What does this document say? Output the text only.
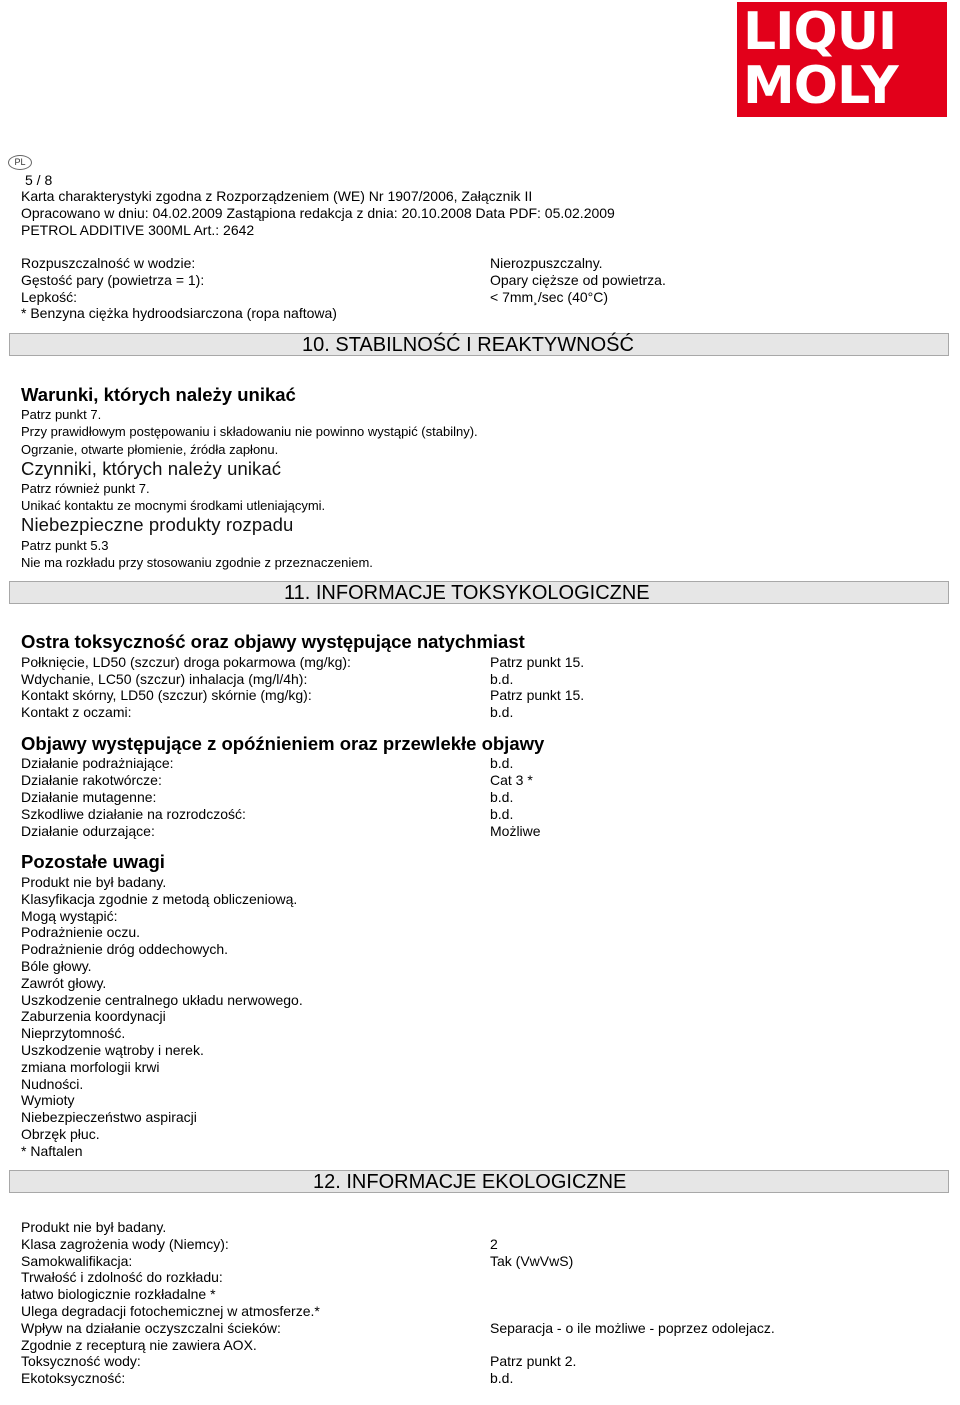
LIQUI
MOLY
PL
5 / 8
Karta charakterystyki zgodna z Rozporządzeniem (WE) Nr 1907/2006, Załącznik II
Opracowano w dniu: 04.02.2009 Zastąpiona redakcja z dnia: 20.10.2008 Data PDF: 05.02.2009
PETROL ADDITIVE 300ML Art.: 2642
Rozpuszczalność w wodzie:	Nierozpuszczalny.
Gęstość pary (powietrza = 1):	Opary cięższe od powietrza.
Lepkość:	< 7mm¸/sec (40°C)
* Benzyna ciężka hydroodsiarczona (ropa naftowa)
10. STABILNOŚĆ I REAKTYWNOŚĆ
Warunki, których należy unikać
Patrz punkt 7.
Przy prawidłowym postępowaniu i składowaniu nie powinno wystąpić (stabilny).
Ogrzanie, otwarte płomienie, źródła zapłonu.
Czynniki, których należy unikać
Patrz również punkt 7.
Unikać kontaktu ze mocnymi środkami utleniającymi.
Niebezpieczne produkty rozpadu
Patrz punkt 5.3
Nie ma rozkładu przy stosowaniu zgodnie z przeznaczeniem.
11. INFORMACJE TOKSYKOLOGICZNE
Ostra toksyczność oraz objawy występujące natychmiast
Połknięcie, LD50 (szczur) droga pokarmowa (mg/kg):	Patrz punkt 15.
Wdychanie, LC50 (szczur) inhalacja (mg/l/4h):	b.d.
Kontakt skórny, LD50 (szczur) skórnie (mg/kg):	Patrz punkt 15.
Kontakt z oczami:	b.d.
Objawy występujące z opóźnieniem oraz przewlekłe objawy
Działanie podrażniające:	b.d.
Działanie rakotwórcze:	Cat 3 *
Działanie mutagenne:	b.d.
Szkodliwe działanie na rozrodczość:	b.d.
Działanie odurzające:	Możliwe
Pozostałe uwagi
Produkt nie był badany.
Klasyfikacja zgodnie z metodą obliczeniową.
Mogą wystąpić:
Podrażnienie oczu.
Podrażnienie dróg oddechowych.
Bóle głowy.
Zawrót głowy.
Uszkodzenie centralnego układu nerwowego.
Zaburzenia koordynacji
Nieprzytomność.
Uszkodzenie wątroby i nerek.
zmiana morfologii krwi
Nudności.
Wymioty
Niebezpieczeństwo aspiracji
Obrzęk płuc.
* Naftalen
12. INFORMACJE EKOLOGICZNE
Produkt nie był badany.
Klasa zagrożenia wody (Niemcy):	2
Samokwalifikacja:	Tak (VwVwS)
Trwałość i zdolność do rozkładu:
łatwo biologicznie rozkładalne *
Ulega degradacji fotochemicznej w atmosferze.*
Wpływ na działanie oczyszczalni ścieków:	Separacja - o ile możliwe - poprzez odolejacz.
Zgodnie z recepturą nie zawiera AOX.
Toksyczność wody:	Patrz punkt 2.
Ekotoksyczność:	b.d.
